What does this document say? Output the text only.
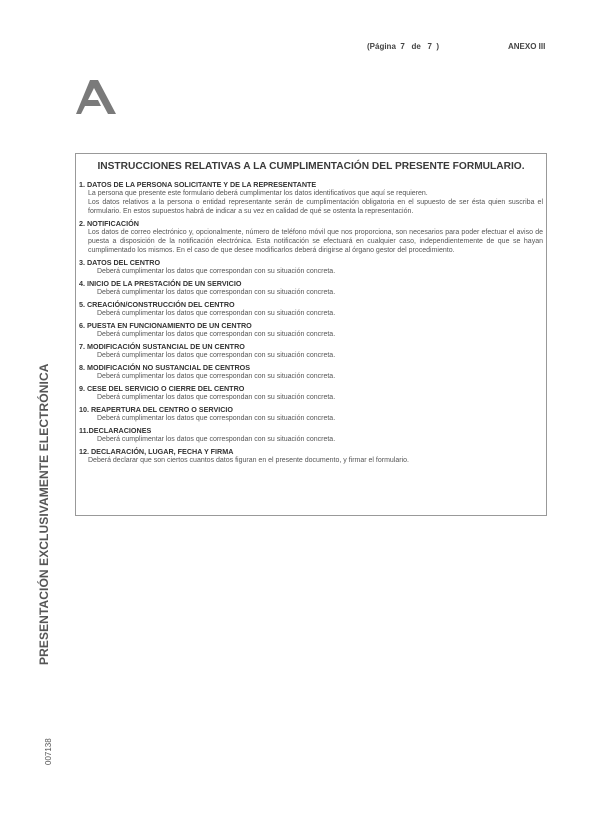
(Página  7   de   7  )	ANEXO III
PRESENTACIÓN EXCLUSIVAMENTE ELECTRÓNICA
007138
INSTRUCCIONES RELATIVAS A LA CUMPLIMENTACIÓN DEL PRESENTE FORMULARIO.
1. DATOS DE LA PERSONA SOLICITANTE Y DE LA REPRESENTANTE
La persona que presente este formulario deberá cumplimentar los datos identificativos que aquí se requieren.
Los datos relativos a la persona o entidad representante serán de cumplimentación obligatoria en el supuesto de ser ésta quien suscriba el formulario. En estos supuestos habrá de indicar a su vez en calidad de qué se ostenta la representación.
2. NOTIFICACIÓN
Los datos de correo electrónico y, opcionalmente, número de teléfono móvil que nos proporciona, son necesarios para poder efectuar el aviso de puesta a disposición de la notificación electrónica. Esta notificación se efectuará en cualquier caso, independientemente de que se hayan cumplimentado los mismos. En el caso de que desee modificarlos deberá dirigirse al órgano gestor del procedimiento.
3. DATOS DEL CENTRO
Deberá cumplimentar los datos que correspondan con su situación concreta.
4. INICIO DE LA PRESTACIÓN DE UN SERVICIO
Deberá cumplimentar los datos que correspondan con su situación concreta.
5. CREACIÓN/CONSTRUCCIÓN DEL CENTRO
Deberá cumplimentar los datos que correspondan con su situación concreta.
6. PUESTA EN FUNCIONAMIENTO DE UN CENTRO
Deberá cumplimentar los datos que correspondan con su situación concreta.
7. MODIFICACIÓN SUSTANCIAL DE UN CENTRO
Deberá cumplimentar los datos que correspondan con su situación concreta.
8. MODIFICACIÓN NO SUSTANCIAL DE CENTROS
Deberá cumplimentar los datos que correspondan con su situación concreta.
9. CESE DEL SERVICIO O CIERRE DEL CENTRO
Deberá cumplimentar los datos que correspondan con su situación concreta.
10. REAPERTURA DEL CENTRO O SERVICIO
Deberá cumplimentar los datos que correspondan con su situación concreta.
11.DECLARACIONES
Deberá cumplimentar los datos que correspondan con su situación concreta.
12. DECLARACIÓN, LUGAR, FECHA Y FIRMA
Deberá declarar que son ciertos cuantos datos figuran en el presente documento, y firmar el formulario.
